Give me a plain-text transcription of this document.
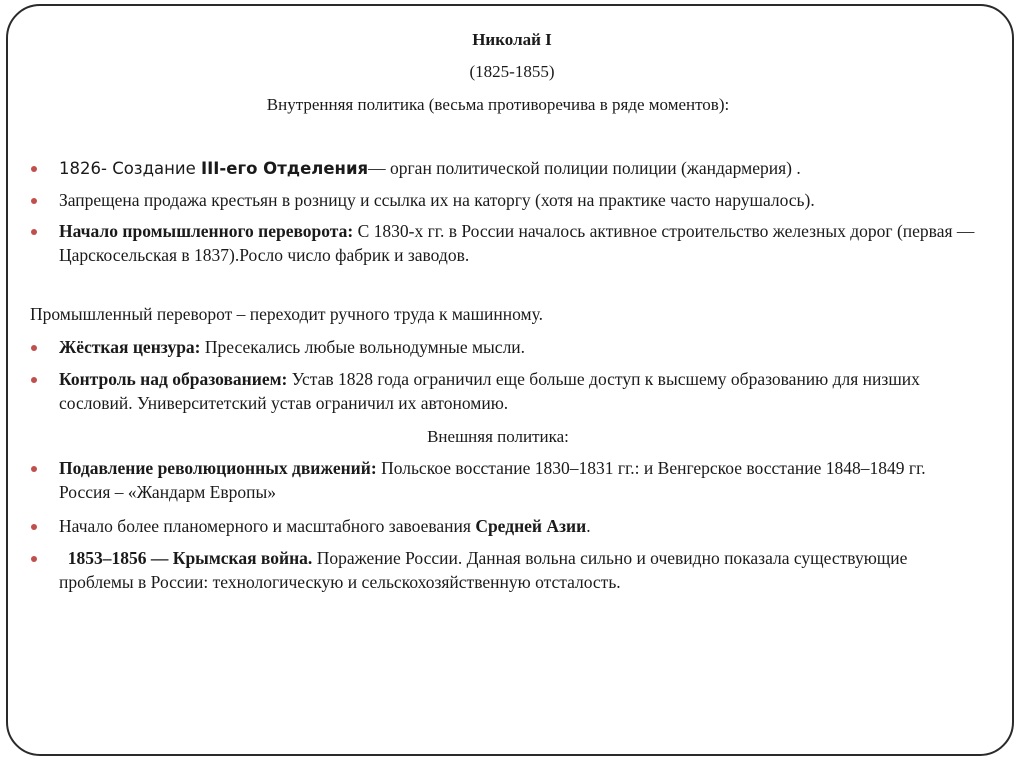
Николай I

(1825-1855)

Внутренняя политика (весьма противоречива в ряде моментов):

1826- Создание III-его Отделения— орган политической полиции полиции (жандармерия) .
Запрещена продажа крестьян в розницу и ссылка их на каторгу (хотя на практике часто нарушалось).
Начало промышленного переворота: С 1830-х гг. в России началось активное строительство железных дорог (первая — Царскосельская в 1837).Росло число фабрик и заводов.

Промышленный переворот – переходит ручного труда к машинному.

Жёсткая цензура: Пресекались любые вольнодумные мысли.
Контроль над образованием: Устав 1828 года ограничил еще больше доступ к высшему образованию для низших сословий. Университетский устав ограничил их автономию.

Внешняя политика:

Подавление революционных движений: Польское восстание 1830–1831 гг.: и Венгерское восстание 1848–1849 гг. Россия – «Жандарм Европы»
Начало более планомерного и масштабного завоевания Средней Азии.
1853–1856 — Крымская война. Поражение России. Данная вольна сильно и очевидно показала существующие проблемы в России: технологическую и сельскохозяйственную отсталость.
